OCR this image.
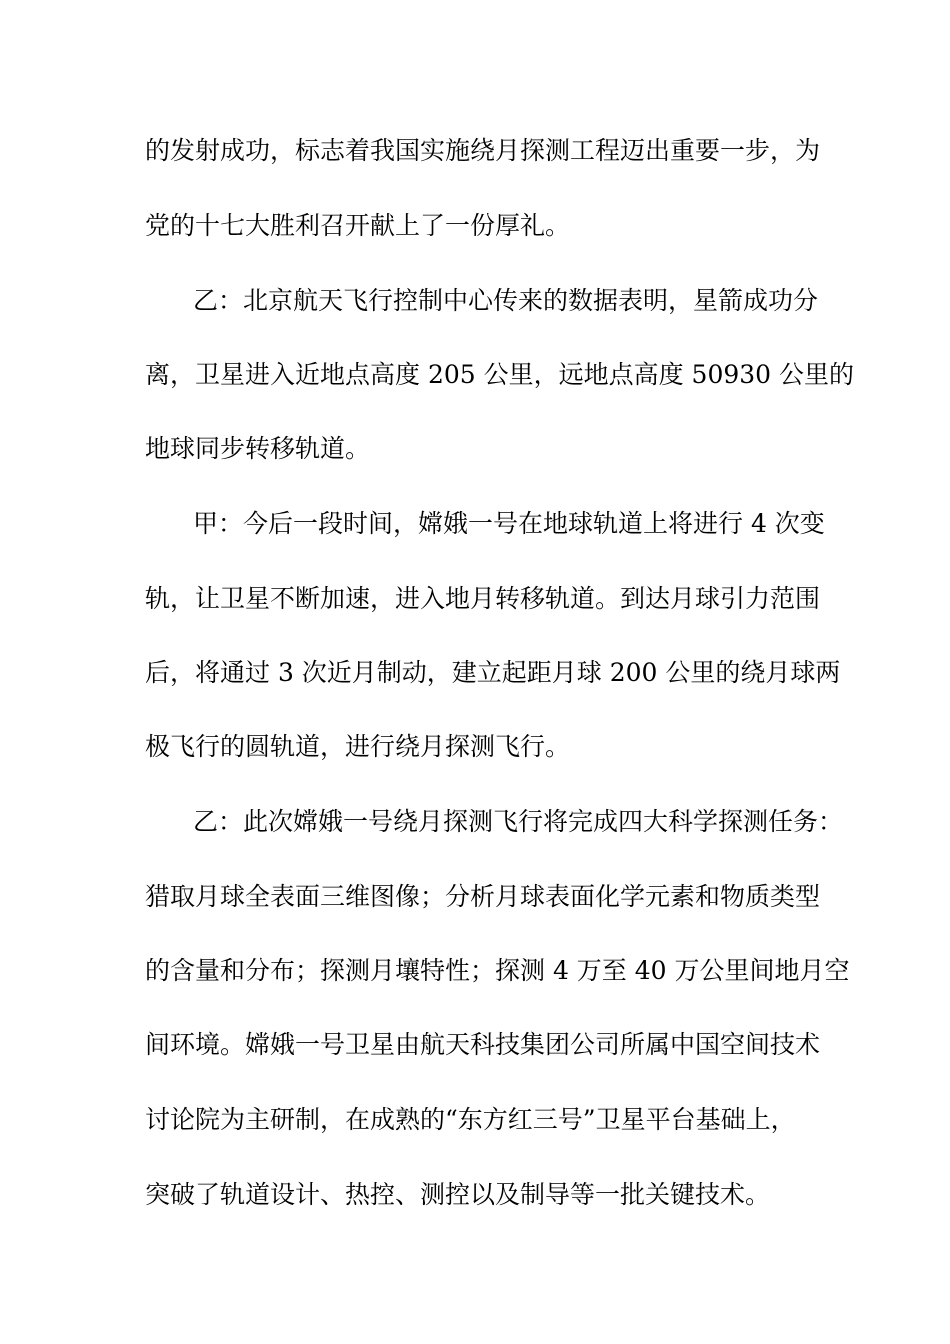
的发射成功，标志着我国实施绕月探测工程迈出重要一步，为
党的十七大胜利召开献上了一份厚礼。
乙：北京航天飞行控制中心传来的数据表明，星箭成功分
离，卫星进入近地点高度 205 公里，远地点高度 50930 公里的
地球同步转移轨道。
甲：今后一段时间，嫦娥一号在地球轨道上将进行 4 次变
轨，让卫星不断加速，进入地月转移轨道。到达月球引力范围
后，将通过 3 次近月制动，建立起距月球 200 公里的绕月球两
极飞行的圆轨道，进行绕月探测飞行。
乙：此次嫦娥一号绕月探测飞行将完成四大科学探测任务：
猎取月球全表面三维图像；分析月球表面化学元素和物质类型
的含量和分布；探测月壤特性；探测 4 万至 40 万公里间地月空
间环境。嫦娥一号卫星由航天科技集团公司所属中国空间技术
讨论院为主研制，在成熟的“东方红三号”卫星平台基础上，
突破了轨道设计、热控、测控以及制导等一批关键技术。
